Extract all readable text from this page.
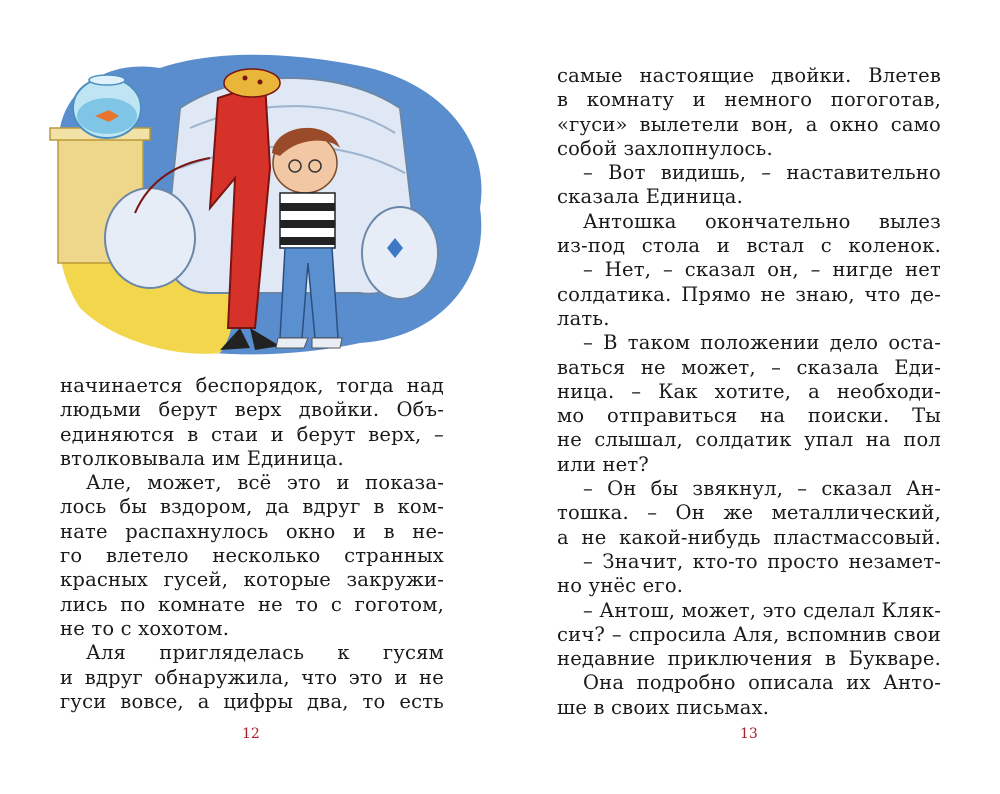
начинается беспорядок, тогда над
людьми берут верх двойки. Объ-
единяются в стаи и берут верх, –
втолковывала им Единица.
Але, может, всё это и показа-
лось бы вздором, да вдруг в ком-
нате распахнулось окно и в не-
го влетело несколько странных
красных гусей, которые закружи-
лись по комнате не то с гоготом,
не то с хохотом.
Аля пригляделась к гусям
и вдруг обнаружила, что это и не
гуси вовсе, а цифры два, то есть
12
самые настоящие двойки. Влетев
в комнату и немного погоготав,
«гуси» вылетели вон, а окно само
собой захлопнулось.
– Вот видишь, – наставительно
сказала Единица.
Антошка окончательно вылез
из-под стола и встал с коленок.
– Нет, – сказал он, – нигде нет
солдатика. Прямо не знаю, что де-
лать.
– В таком положении дело оста-
ваться не может, – сказала Еди-
ница. – Как хотите, а необходи-
мо отправиться на поиски. Ты
не слышал, солдатик упал на пол
или нет?
– Он бы звякнул, – сказал Ан-
тошка. – Он же металлический,
а не какой-нибудь пластмассовый.
– Значит, кто-то просто незамет-
но унёс его.
– Антош, может, это сделал Кляк-
сич? – спросила Аля, вспомнив свои
недавние приключения в Букваре.
Она подробно описала их Анто-
ше в своих письмах.
13
